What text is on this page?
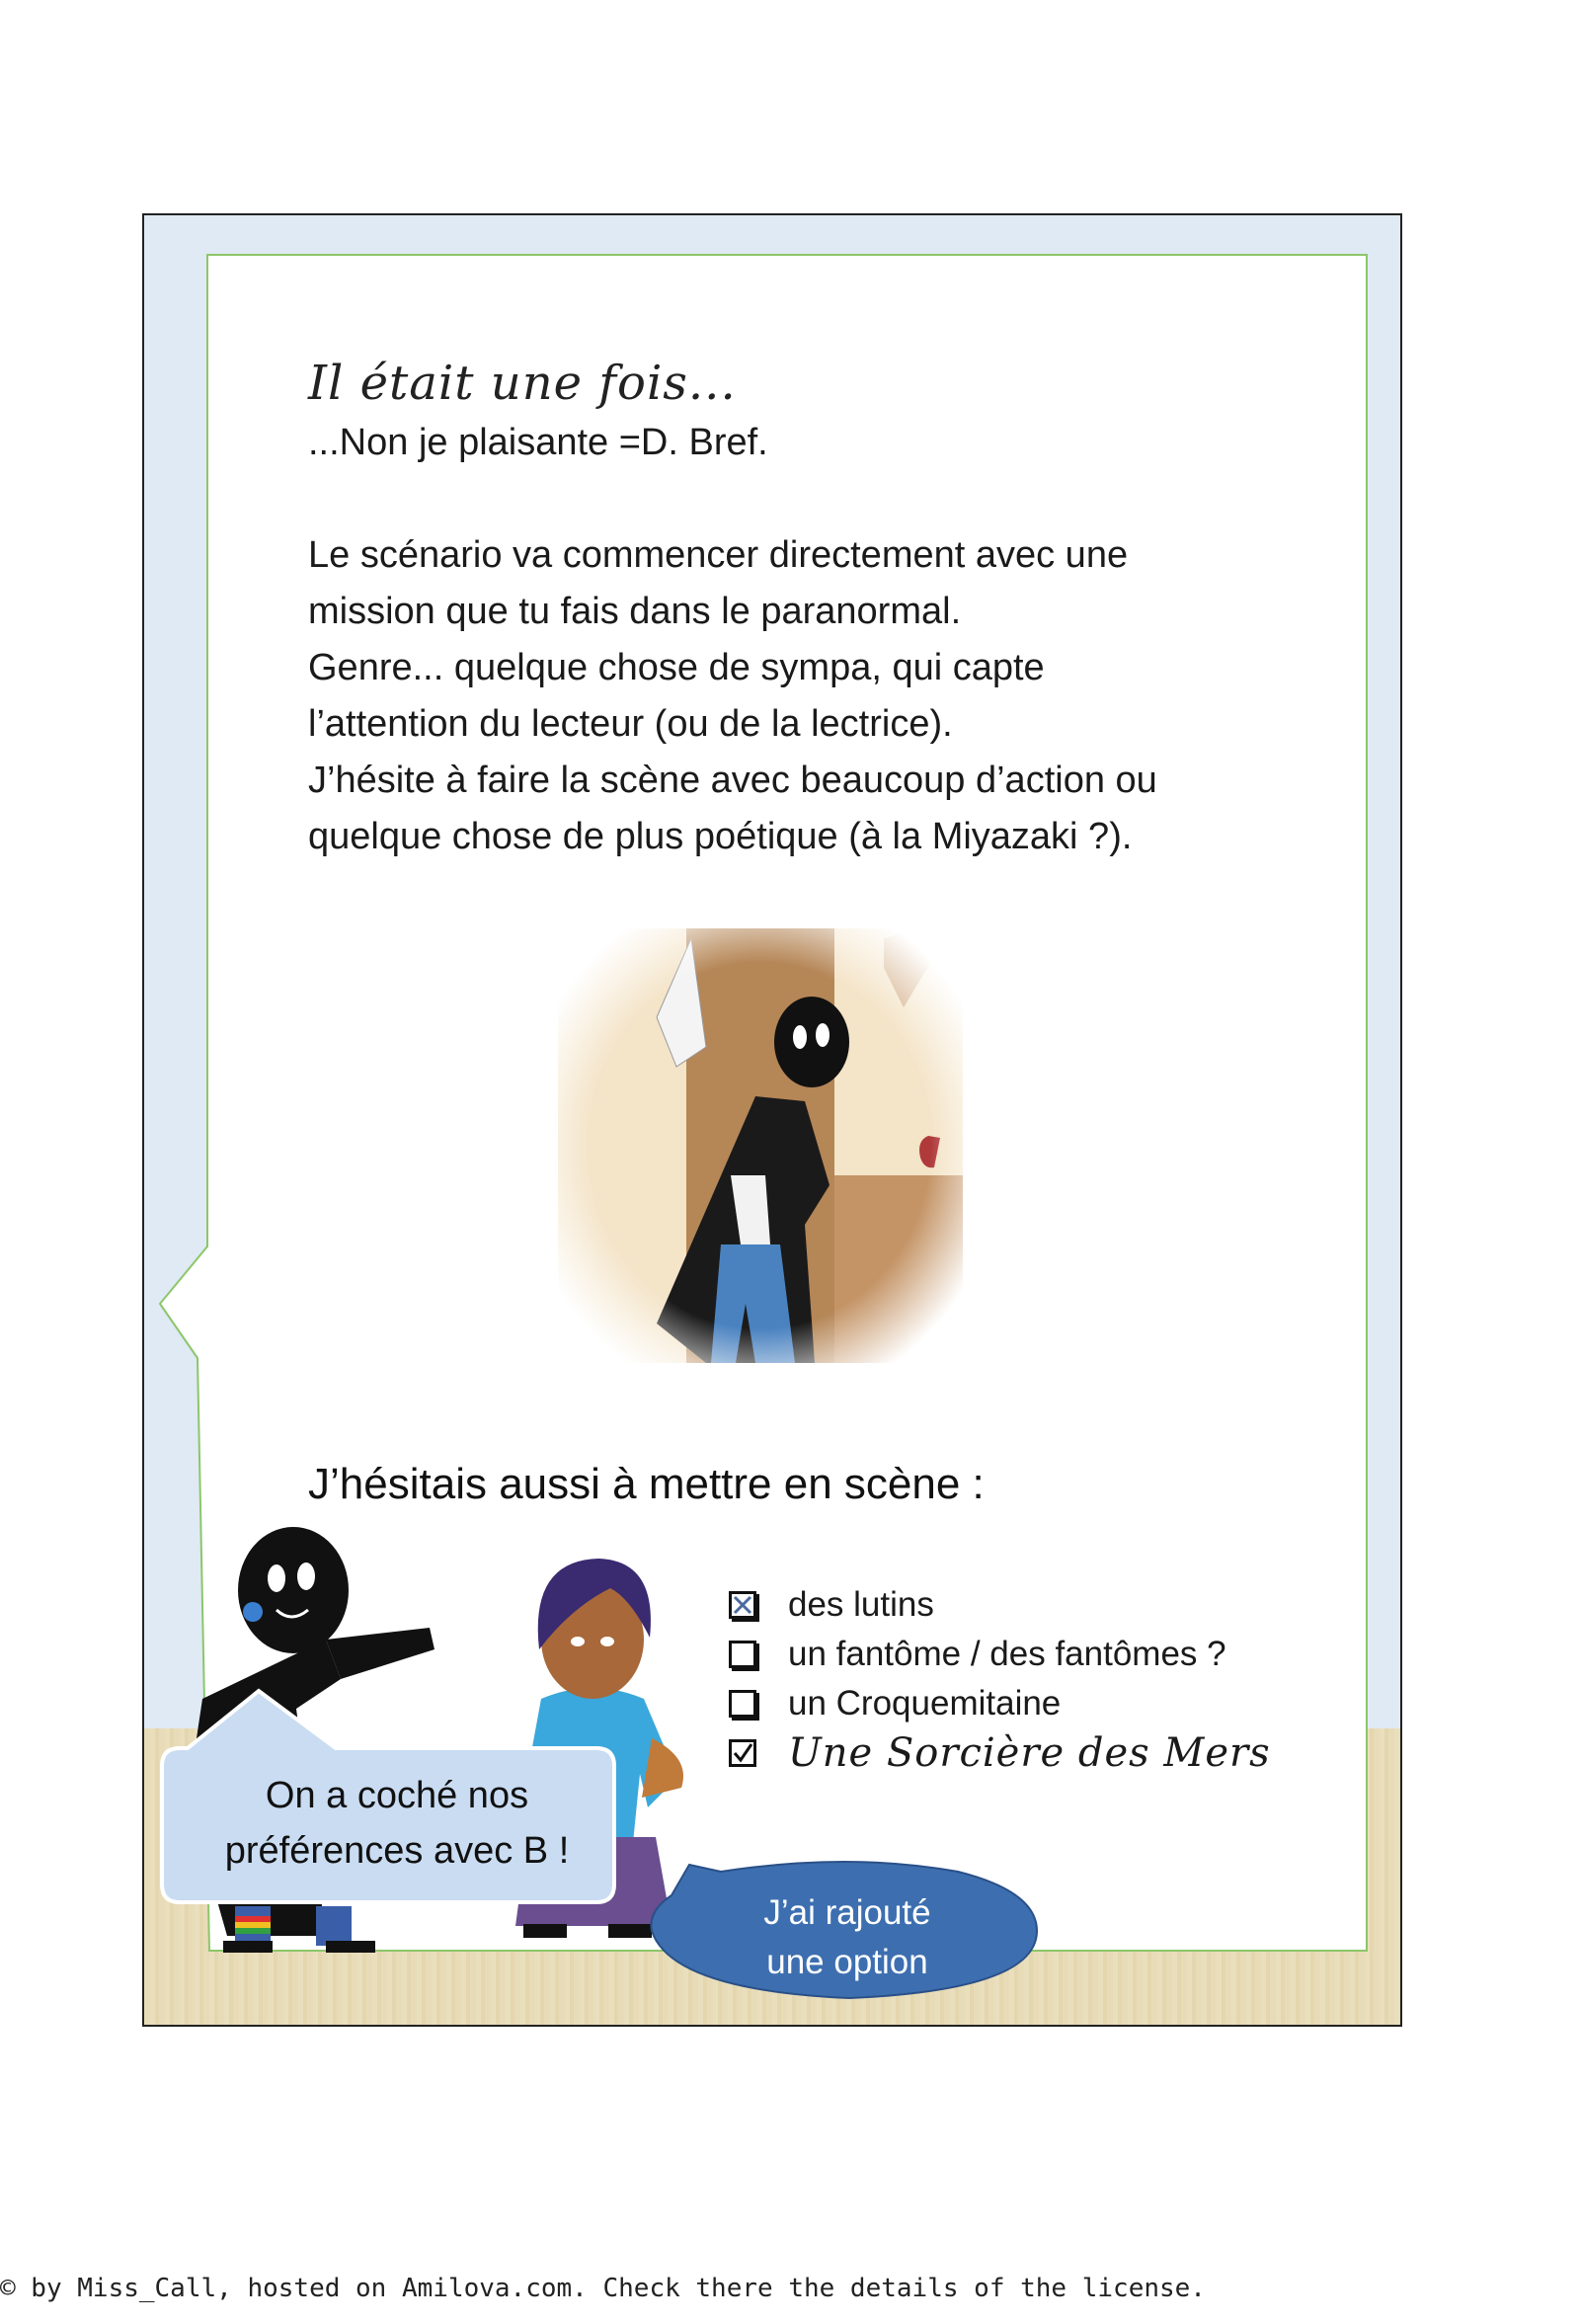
Il était une fois...

...Non je plaisante =D. Bref.

Le scénario va commencer directement avec une

mission que tu fais dans le paranormal.

Genre... quelque chose de sympa, qui capte

l’attention du lecteur (ou de la lectrice).

J’hésite à faire la scène avec beaucoup d’action ou

quelque chose de plus poétique (à la Miyazaki ?).

J’hésitais aussi à mettre en scène :
des lutins
un fantôme / des fantômes ?
un Croquemitaine
Une Sorcière des Mers
On a coché nos
préférences avec B !
J’ai rajouté
une option
© by Miss_Call, hosted on Amilova.com. Check there the details of the license.
